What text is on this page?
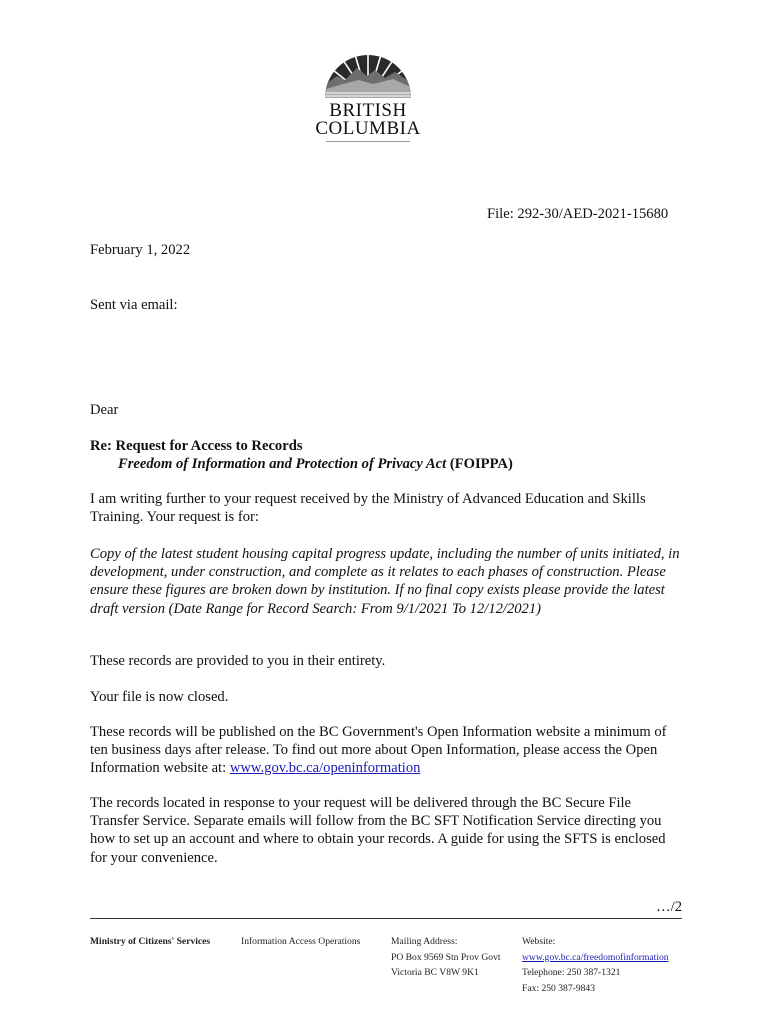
BRITISH
COLUMBIA
File: 292-30/AED-2021-15680
February 1, 2022
Sent via email:
Dear
Re: Request for Access to Records
Freedom of Information and Protection of Privacy Act (FOIPPA)
I am writing further to your request received by the Ministry of Advanced Education and Skills Training. Your request is for:
Copy of the latest student housing capital progress update, including the number of units initiated, in development, under construction, and complete as it relates to each phases of construction. Please ensure these figures are broken down by institution. If no final copy exists please provide the latest draft version (Date Range for Record Search: From 9/1/2021 To 12/12/2021)
These records are provided to you in their entirety.
Your file is now closed.
These records will be published on the BC Government's Open Information website a minimum of ten business days after release. To find out more about Open Information, please access the Open Information website at: www.gov.bc.ca/openinformation
The records located in response to your request will be delivered through the BC Secure File Transfer Service. Separate emails will follow from the BC SFT Notification Service directing you how to set up an account and where to obtain your records. A guide for using the SFTS is enclosed for your convenience.
…/2
Ministry of Citizens' Services	Information Access Operations	Mailing Address:
PO Box 9569 Stn Prov Govt
Victoria BC V8W 9K1
Website:
www.gov.bc.ca/freedomofinformation
Telephone: 250 387-1321
Fax: 250 387-9843
